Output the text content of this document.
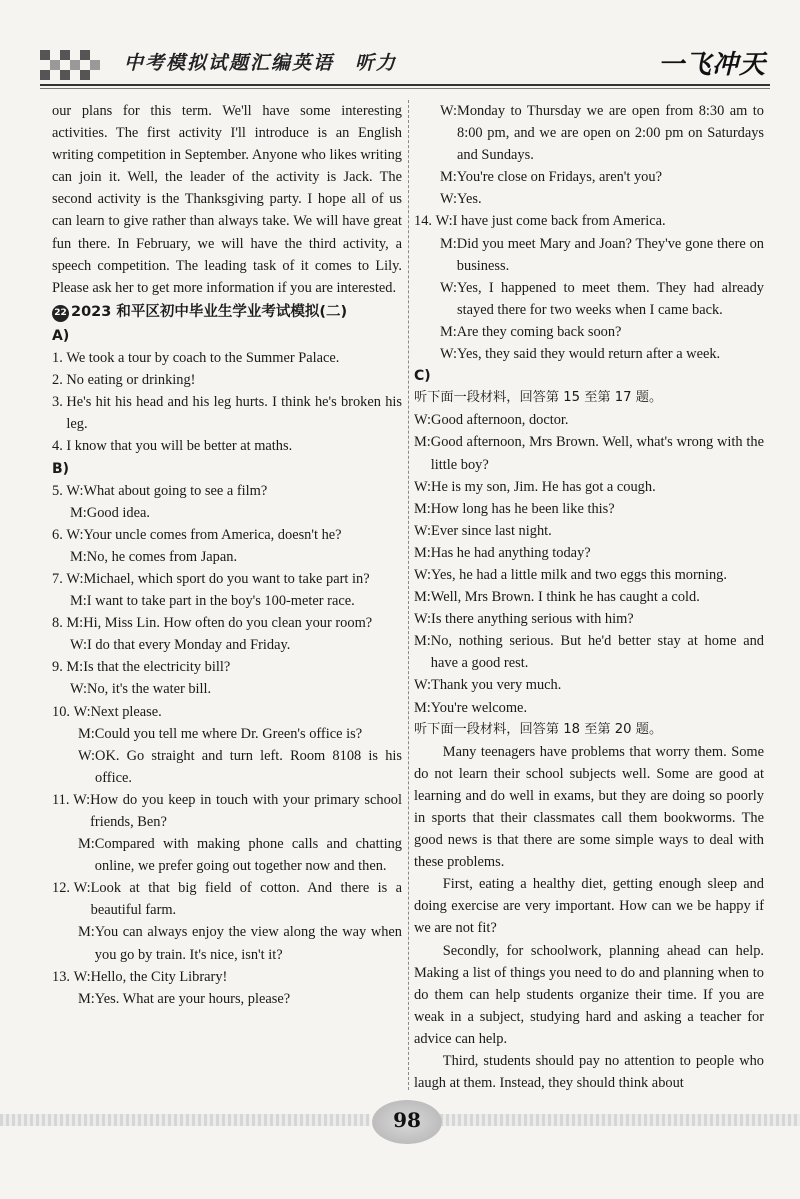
中考模拟试题汇编英语　听力	一飞冲天

our plans for this term. We'll have some interesting activities. The first activity I'll introduce is an English writing competition in September. Anyone who likes writing can join it. Well, the leader of the activity is Jack. The second activity is the Thanksgiving party. I hope all of us can learn to give rather than always take. We will have great fun there. In February, we will have the third activity, a speech competition. The leading task of it comes to Lily. Please ask her to get more information if you are interested.

22 2023 和平区初中毕业生学业考试模拟(二)

A)

1. We took a tour by coach to the Summer Palace.
2. No eating or drinking!
3. He's hit his head and his leg hurts. I think he's broken his leg.
4. I know that you will be better at maths.

B)

5. W: What about going to see a film?
M: Good idea.
6. W: Your uncle comes from America, doesn't he?
M: No, he comes from Japan.
7. W: Michael, which sport do you want to take part in?
M: I want to take part in the boy's 100-meter race.
8. M: Hi, Miss Lin. How often do you clean your room?
W: I do that every Monday and Friday.
9. M: Is that the electricity bill?
W: No, it's the water bill.
10. W: Next please.
M: Could you tell me where Dr. Green's office is?
W: OK. Go straight and turn left. Room 8108 is his office.
11. W: How do you keep in touch with your primary school friends, Ben?
M: Compared with making phone calls and chatting online, we prefer going out together now and then.
12. W: Look at that big field of cotton. And there is a beautiful farm.
M: You can always enjoy the view along the way when you go by train. It's nice, isn't it?
13. W: Hello, the City Library!
M: Yes. What are your hours, please?
W: Monday to Thursday we are open from 8:30 am to 8:00 pm, and we are open on 2:00 pm on Saturdays and Sundays.
M: You're close on Fridays, aren't you?
W: Yes.
14. W: I have just come back from America.
M: Did you meet Mary and Joan? They've gone there on business.
W: Yes, I happened to meet them. They had already stayed there for two weeks when I came back.
M: Are they coming back soon?
W: Yes, they said they would return after a week.

C)

听下面一段材料，回答第 15 至第 17 题。

W: Good afternoon, doctor.
M: Good afternoon, Mrs Brown. Well, what's wrong with the little boy?
W: He is my son, Jim. He has got a cough.
M: How long has he been like this?
W: Ever since last night.
M: Has he had anything today?
W: Yes, he had a little milk and two eggs this morning.
M: Well, Mrs Brown. I think he has caught a cold.
W: Is there anything serious with him?
M: No, nothing serious. But he'd better stay at home and have a good rest.
W: Thank you very much.
M: You're welcome.

听下面一段材料，回答第 18 至第 20 题。

Many teenagers have problems that worry them. Some do not learn their school subjects well. Some are good at learning and do well in exams, but they are doing so poorly in sports that their classmates call them bookworms. The good news is that there are some simple ways to deal with these problems.

First, eating a healthy diet, getting enough sleep and doing exercise are very important. How can we be happy if we are not fit?

Secondly, for schoolwork, planning ahead can help. Making a list of things you need to do and planning when to do them can help students organize their time. If you are weak in a subject, studying hard and asking a teacher for advice can help.

Third, students should pay no attention to people who laugh at them. Instead, they should think about

98
